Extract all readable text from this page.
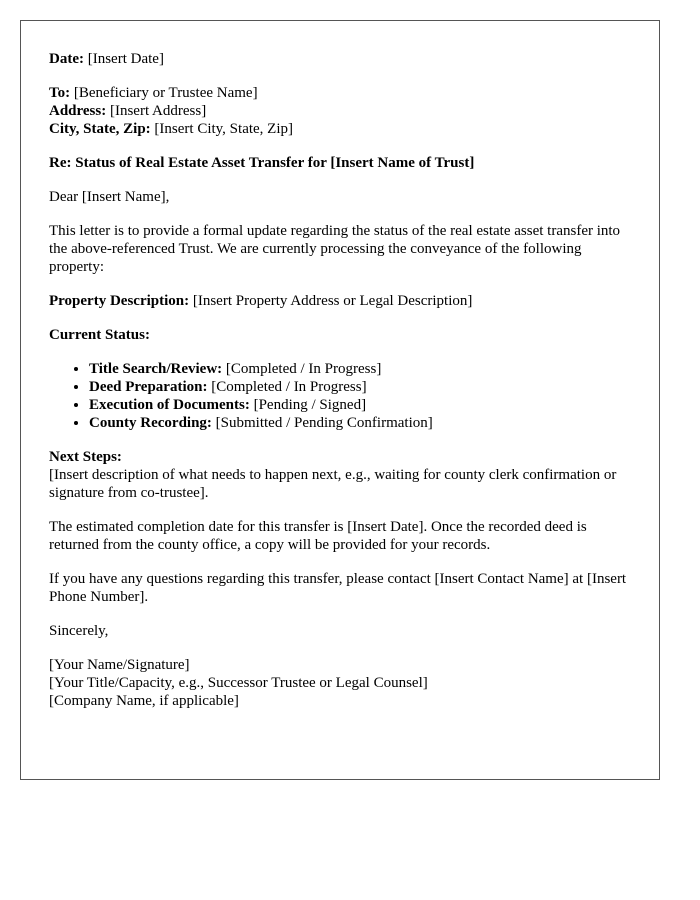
Date: [Insert Date]
To: [Beneficiary or Trustee Name]
Address: [Insert Address]
City, State, Zip: [Insert City, State, Zip]
Re: Status of Real Estate Asset Transfer for [Insert Name of Trust]
Dear [Insert Name],
This letter is to provide a formal update regarding the status of the real estate asset transfer into the above-referenced Trust. We are currently processing the conveyance of the following property:
Property Description: [Insert Property Address or Legal Description]
Current Status:
• Title Search/Review: [Completed / In Progress]
• Deed Preparation: [Completed / In Progress]
• Execution of Documents: [Pending / Signed]
• County Recording: [Submitted / Pending Confirmation]
Next Steps:
[Insert description of what needs to happen next, e.g., waiting for county clerk confirmation or signature from co-trustee].
The estimated completion date for this transfer is [Insert Date]. Once the recorded deed is returned from the county office, a copy will be provided for your records.
If you have any questions regarding this transfer, please contact [Insert Contact Name] at [Insert Phone Number].
Sincerely,
[Your Name/Signature]
[Your Title/Capacity, e.g., Successor Trustee or Legal Counsel]
[Company Name, if applicable]
